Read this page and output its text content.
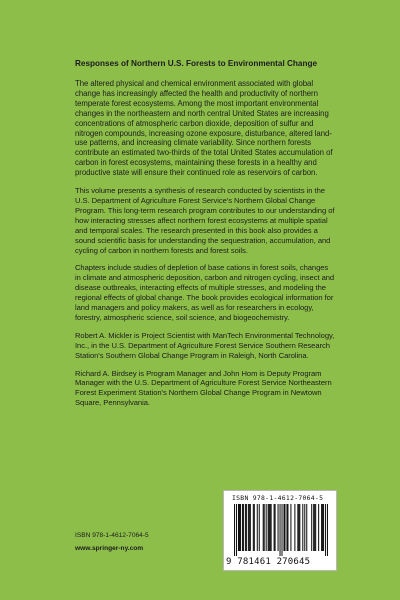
Responses of Northern U.S. Forests to Environmental Change

The altered physical and chemical environment associated with global change has increasingly affected the health and productivity of northern temperate forest ecosystems. Among the most important environmental changes in the northeastern and north central United States are increasing concentrations of atmospheric carbon dioxide, deposition of sulfur and nitrogen compounds, increasing ozone exposure, disturbance, altered land-use patterns, and increasing climate variability. Since northern forests contribute an estimated two-thirds of the total United States accumulation of carbon in forest ecosystems, maintaining these forests in a healthy and productive state will ensure their continued role as reservoirs of carbon.

This volume presents a synthesis of research conducted by scientists in the U.S. Department of Agriculture Forest Service's Northern Global Change Program. This long-term research program contributes to our understanding of how interacting stresses affect northern forest ecosystems at multiple spatial and temporal scales. The research presented in this book also provides a sound scientific basis for understanding the sequestration, accumulation, and cycling of carbon in northern forests and forest soils.

Chapters include studies of depletion of base cations in forest soils, changes in climate and atmospheric deposition, carbon and nitrogen cycling, insect and disease outbreaks, interacting effects of multiple stresses, and modeling the regional effects of global change. The book provides ecological information for land managers and policy makers, as well as for researchers in ecology, forestry, atmospheric science, soil science, and biogeochemistry.

Robert A. Mickler is Project Scientist with ManTech Environmental Technology, Inc., in the U.S. Department of Agriculture Forest Service Southern Research Station's Southern Global Change Program in Raleigh, North Carolina.

Richard A. Birdsey is Program Manager and John Hom is Deputy Program Manager with the U.S. Department of Agriculture Forest Service Northeastern Forest Experiment Station's Northern Global Change Program in Newtown Square, Pennsylvania.

ISBN 978-1-4612-7064-5
www.springer-ny.com
ISBN 978-1-4612-7064-5
9 781461 270645
